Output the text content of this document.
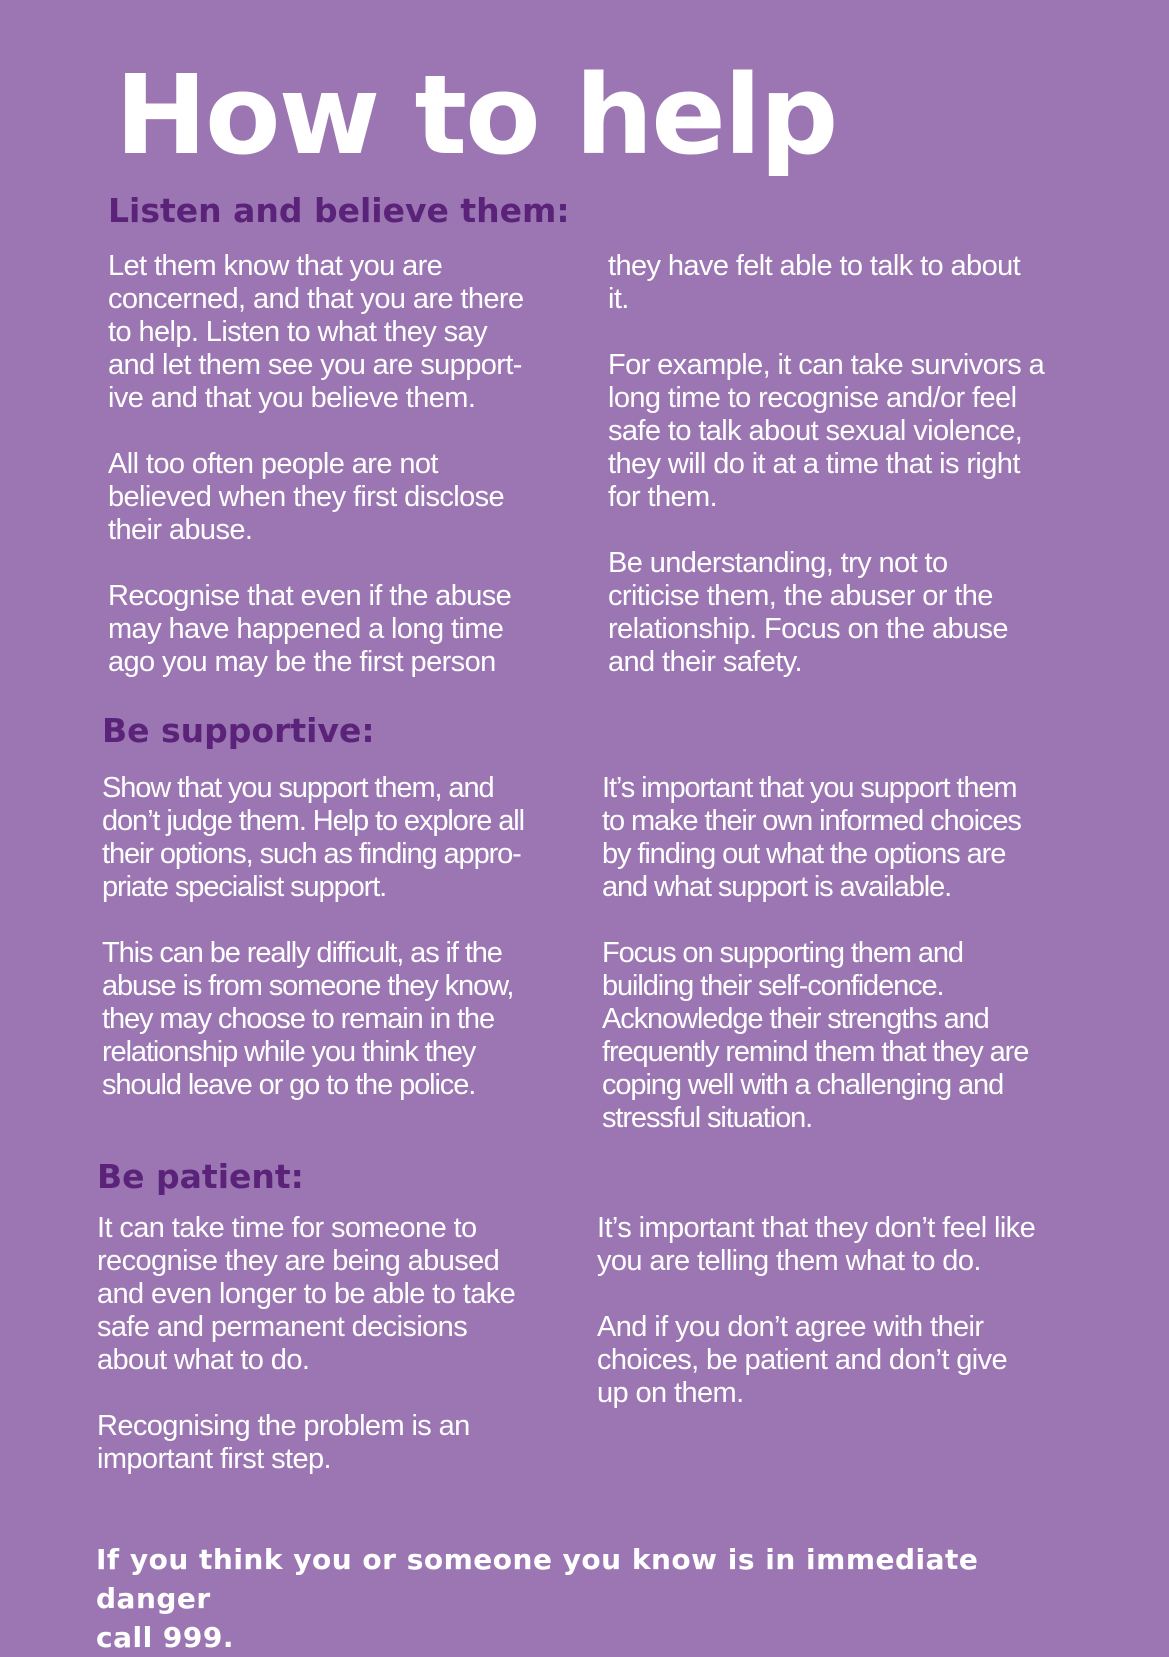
How to help
Listen and believe them:

Let them know that you are
concerned, and that you are there
to help. Listen to what they say
and let them see you are support-
ive and that you believe them.

All too often people are not
believed when they first disclose
their abuse.

Recognise that even if the abuse
may have happened a long time
ago you may be the first person

they have felt able to talk to about
it.

For example, it can take survivors a
long time to recognise and/or feel
safe to talk about sexual violence,
they will do it at a time that is right
for them.

Be understanding, try not to
criticise them, the abuser or the
relationship. Focus on the abuse
and their safety.

Be supportive:

Show that you support them, and
don’t judge them. Help to explore all
their options, such as finding appro-
priate specialist support.

This can be really difficult, as if the
abuse is from someone they know,
they may choose to remain in the
relationship while you think they
should leave or go to the police.

It’s important that you support them
to make their own informed choices
by finding out what the options are
and what support is available.

Focus on supporting them and
building their self-confidence.
Acknowledge their strengths and
frequently remind them that they are
coping well with a challenging and
stressful situation.

Be patient:

It can take time for someone to
recognise they are being abused
and even longer to be able to take
safe and permanent decisions
about what to do.

Recognising the problem is an
important first step.

It’s important that they don’t feel like
you are telling them what to do.

And if you don’t agree with their
choices, be patient and don’t give
up on them.

If you think you or someone you know is in immediate danger
call 999.
